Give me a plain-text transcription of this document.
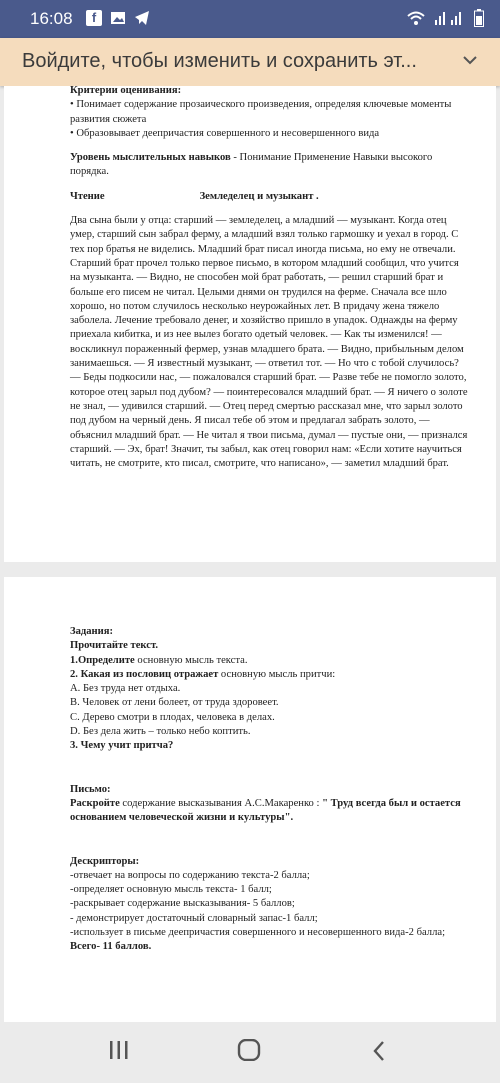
16:08	f
Войдите, чтобы изменить и сохранить эт...

Критерии оценивания:

• Понимает содержание прозаического произведения, определяя ключевые моменты развития сюжета

• Образовывает деепричастия совершенного и несовершенного вида

Уровень мыслительных навыков - Понимание Применение Навыки высокого порядка.

Чтение	Земледелец и музыкант .

Два сына были у отца: старший — земледелец, а младший — музыкант. Когда отец умер, старший сын забрал ферму, а младший взял только гармошку и уехал в город. С тех пор братья не виделись. Младший брат писал иногда письма, но ему не отвечали. Старший брат прочел только первое письмо, в котором младший сообщил, что учится на музыканта. — Видно, не способен мой брат работать, — решил старший брат и больше его писем не читал. Целыми днями он трудился на ферме. Сначала все шло хорошо, но потом случилось несколько неурожайных лет. В придачу жена тяжело заболела. Лечение требовало денег, и хозяйство пришло в упадок. Однажды на ферму приехала кибитка, и из нее вылез богато одетый человек. — Как ты изменился! — воскликнул пораженный фермер, узнав младшего брата. — Видно, прибыльным делом занимаешься. — Я известный музыкант, — ответил тот. — Но что с тобой случилось? — Беды подкосили нас, — пожаловался старший брат. — Разве тебе не помогло золото, которое отец зарыл под дубом? — поинтересовался младший брат. — Я ничего о золоте не знал, — удивился старший. — Отец перед смертью рассказал мне, что зарыл золото под дубом на черный день. Я писал тебе об этом и предлагал забрать золото, — объяснил младший брат. — Не читал я твои письма, думал — пустые они, — признался старший. — Эх, брат! Значит, ты забыл, как отец говорил нам: «Если хотите научиться читать, не смотрите, кто писал, смотрите, что написано», — заметил младший брат.

Задания:

Прочитайте текст.

1.Определите основную мысль текста.

2. Какая из пословиц отражает основную мысль притчи:

A. Без труда нет отдыха.

B. Человек от лени болеет, от труда здоровеет.

C. Дерево смотри в плодах, человека в делах.

D. Без дела жить – только небо коптить.

3. Чему учит притча?

Письмо:

Раскройте содержание высказывания А.С.Макаренко : " Труд всегда был и остается основанием человеческой жизни и культуры".

Дескрипторы:

-отвечает на вопросы по содержанию текста-2 балла;

-определяет основную мысль текста- 1 балл;

-раскрывает содержание высказывания- 5 баллов;

- демонстрирует достаточный словарный запас-1 балл;

-использует в письме деепричастия совершенного и несовершенного вида-2 балла;

Всего- 11 баллов.
